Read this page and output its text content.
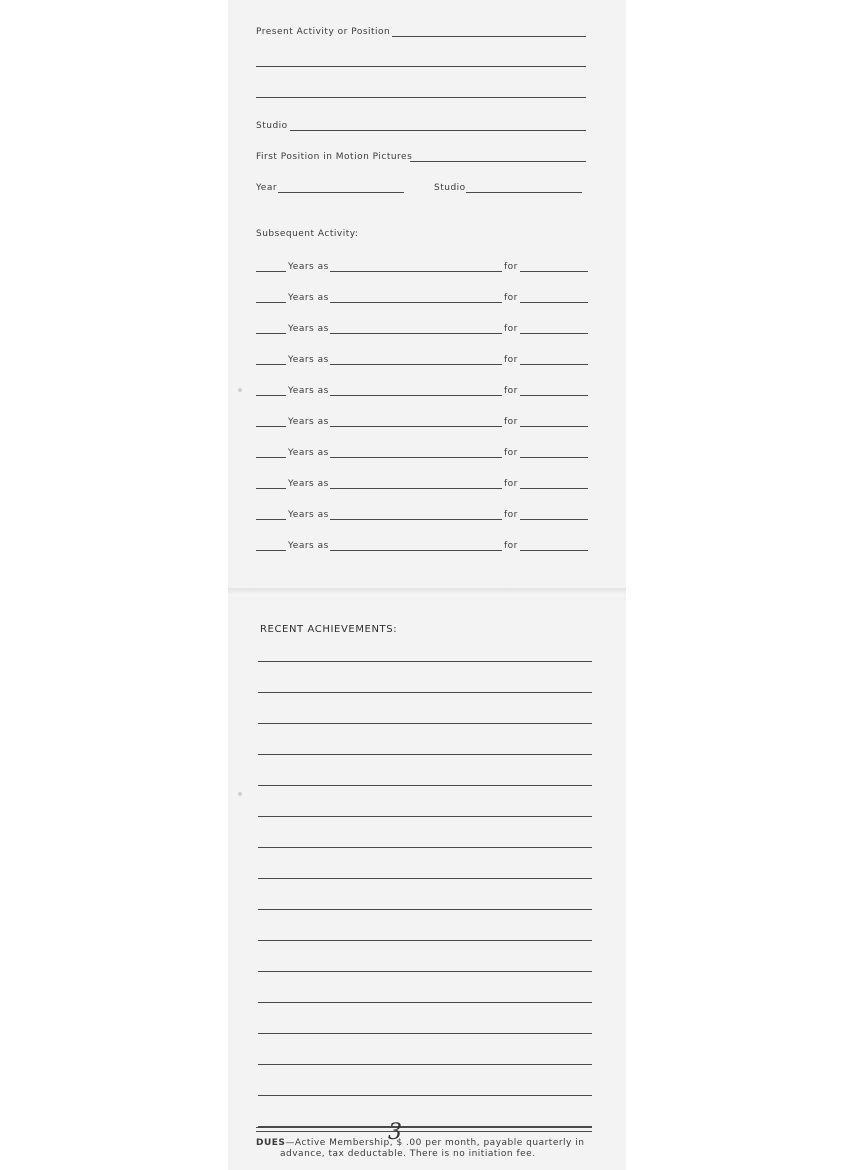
Present Activity or Position
Studio
First Position in Motion Pictures
Year	Studio
Subsequent Activity:
Years as	for
Years as	for
Years as	for
Years as	for
Years as	for
Years as	for
Years as	for
Years as	for
Years as	for
Years as	for
RECENT ACHIEVEMENTS:
3
DUES—Active Membership, $ .00 per month, payable quarterly in
advance, tax deductable. There is no initiation fee.
